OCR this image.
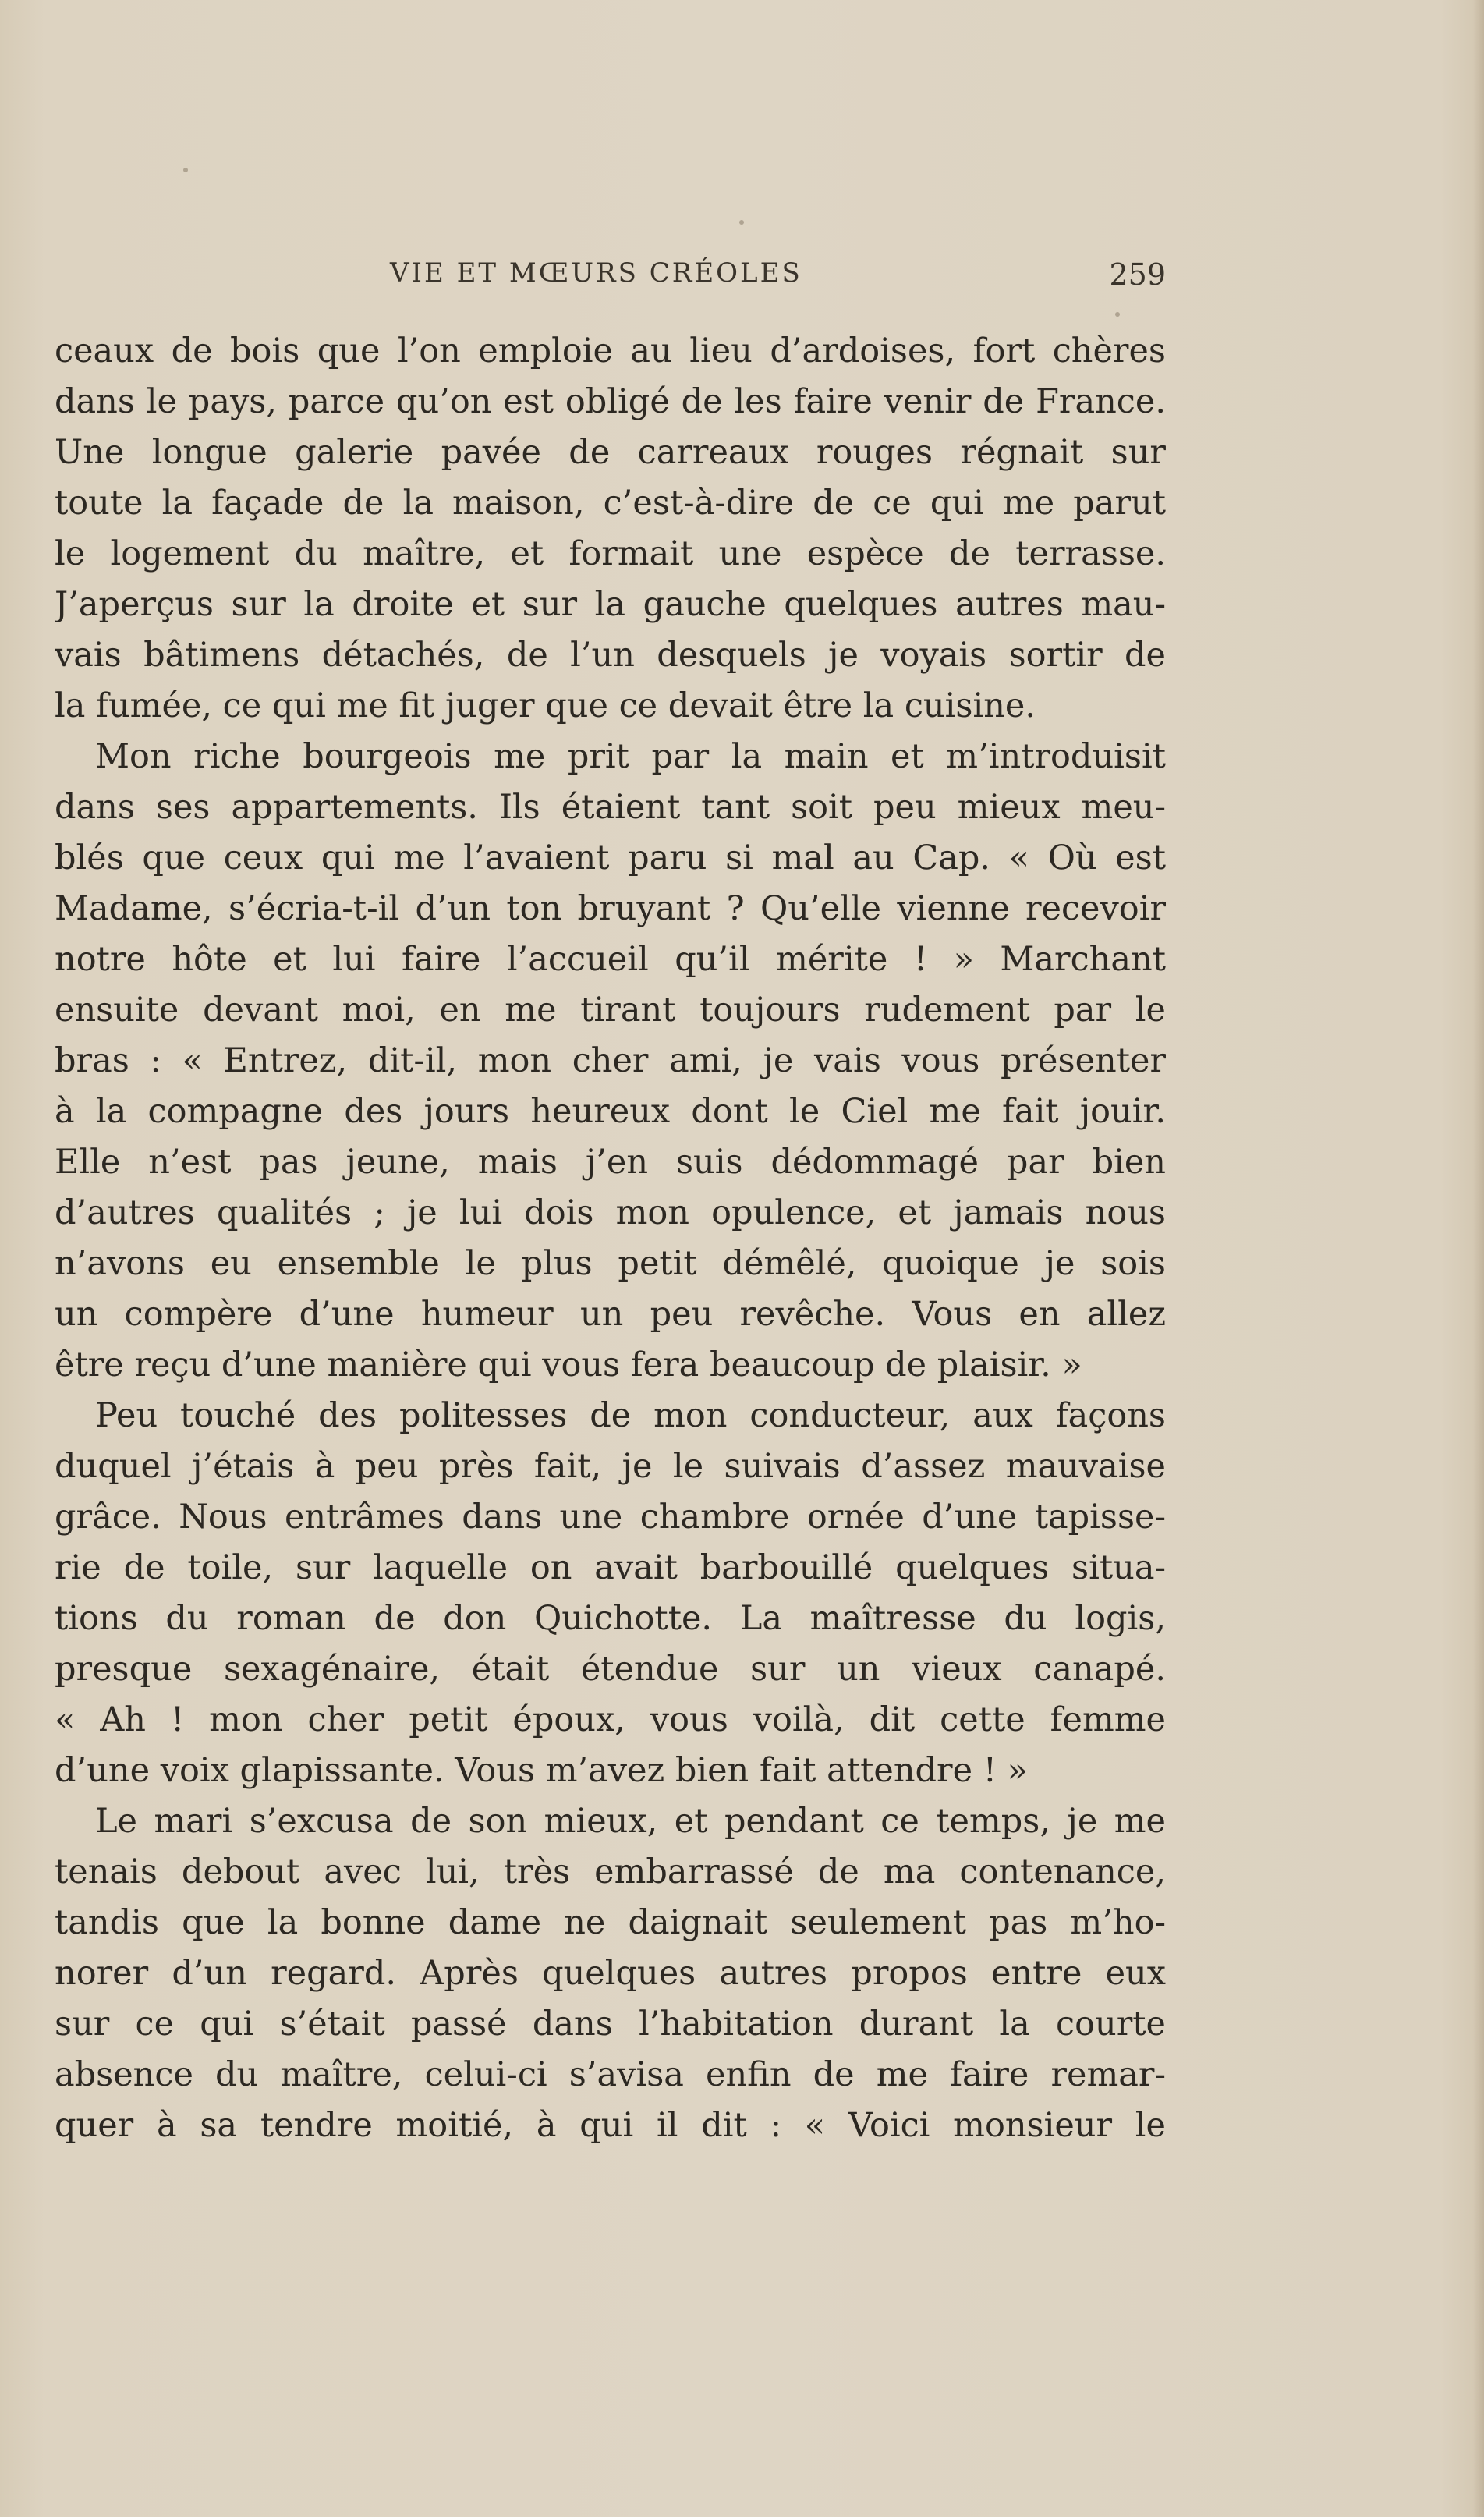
VIE ET MŒURS CRÉOLES	259
ceaux de bois que l’on emploie au lieu d’ardoises, fort chères
dans le pays, parce qu’on est obligé de les faire venir de France.
Une longue galerie pavée de carreaux rouges régnait sur
toute la façade de la maison, c’est-à-dire de ce qui me parut
le logement du maître, et formait une espèce de terrasse.
J’aperçus sur la droite et sur la gauche quelques autres mau-
vais bâtimens détachés, de l’un desquels je voyais sortir de
la fumée, ce qui me fit juger que ce devait être la cuisine.
Mon riche bourgeois me prit par la main et m’introduisit
dans ses appartements. Ils étaient tant soit peu mieux meu-
blés que ceux qui me l’avaient paru si mal au Cap. « Où est
Madame, s’écria-t-il d’un ton bruyant ? Qu’elle vienne recevoir
notre hôte et lui faire l’accueil qu’il mérite ! » Marchant
ensuite devant moi, en me tirant toujours rudement par le
bras : « Entrez, dit-il, mon cher ami, je vais vous présenter
à la compagne des jours heureux dont le Ciel me fait jouir.
Elle n’est pas jeune, mais j’en suis dédommagé par bien
d’autres qualités ; je lui dois mon opulence, et jamais nous
n’avons eu ensemble le plus petit démêlé, quoique je sois
un compère d’une humeur un peu revêche. Vous en allez
être reçu d’une manière qui vous fera beaucoup de plaisir. »
Peu touché des politesses de mon conducteur, aux façons
duquel j’étais à peu près fait, je le suivais d’assez mauvaise
grâce. Nous entrâmes dans une chambre ornée d’une tapisse-
rie de toile, sur laquelle on avait barbouillé quelques situa-
tions du roman de don Quichotte. La maîtresse du logis,
presque sexagénaire, était étendue sur un vieux canapé.
« Ah ! mon cher petit époux, vous voilà, dit cette femme
d’une voix glapissante. Vous m’avez bien fait attendre ! »
Le mari s’excusa de son mieux, et pendant ce temps, je me
tenais debout avec lui, très embarrassé de ma contenance,
tandis que la bonne dame ne daignait seulement pas m’ho-
norer d’un regard. Après quelques autres propos entre eux
sur ce qui s’était passé dans l’habitation durant la courte
absence du maître, celui-ci s’avisa enfin de me faire remar-
quer à sa tendre moitié, à qui il dit : « Voici monsieur le
